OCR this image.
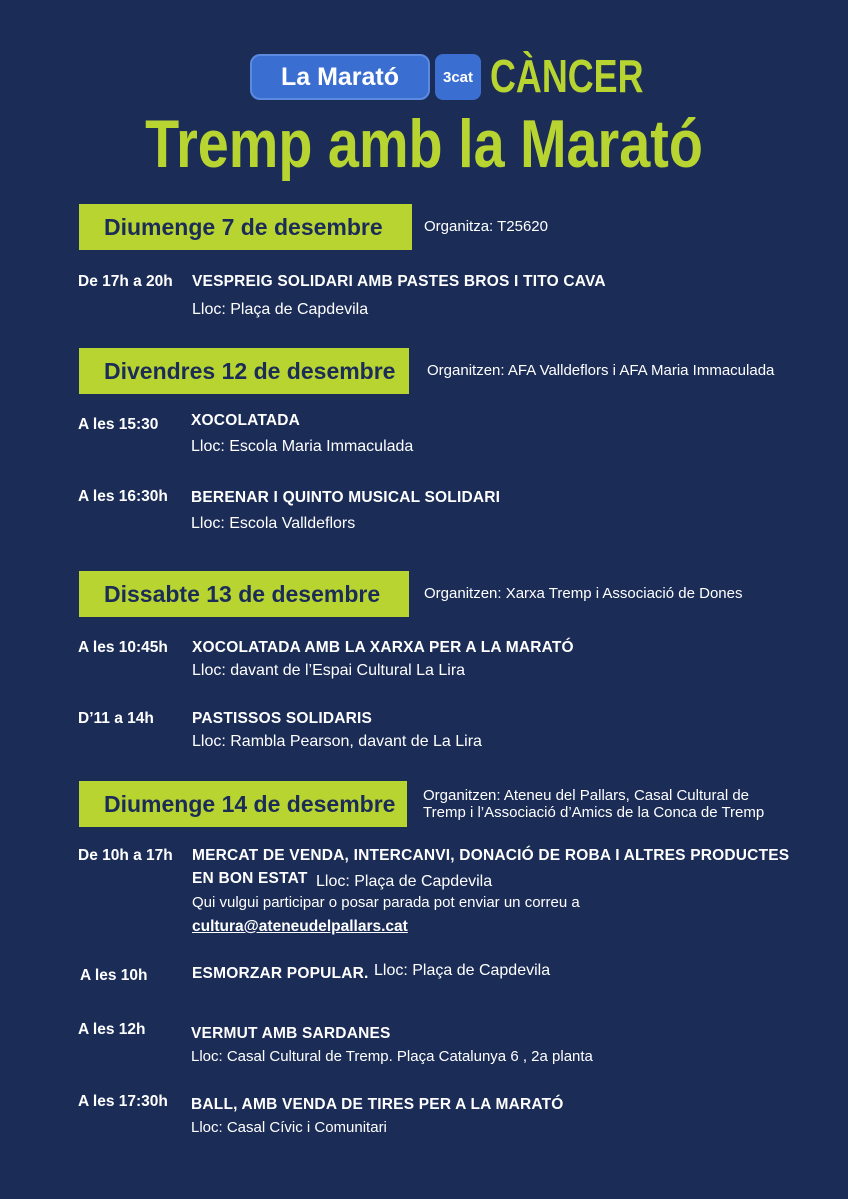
La Marató	3cat CÀNCER
Tremp amb la Marató
Diumenge 7 de desembre	Organitza: T25620
De 17h a 20h VESPREIG SOLIDARI AMB PASTES BROS I TITO CAVA
Lloc: Plaça de Capdevila
Divendres 12 de desembre	Organitzen: AFA Valldeflors i AFA Maria Immaculada
A les 15:30 XOCOLATADA
Lloc: Escola Maria Immaculada
A les 16:30h BERENAR I QUINTO MUSICAL SOLIDARI
Lloc: Escola Valldeflors
Dissabte 13 de desembre	Organitzen: Xarxa Tremp i Associació de Dones
A les 10:45h XOCOLATADA AMB LA XARXA PER A LA MARATÓ
Lloc: davant de l’Espai Cultural La Lira
D’11 a 14h PASTISSOS SOLIDARIS
Lloc: Rambla Pearson, davant de La Lira
Diumenge 14 de desembre	Organitzen: Ateneu del Pallars, Casal Cultural de
Tremp i l’Associació d’Amics de la Conca de Tremp
De 10h a 17h MERCAT DE VENDA, INTERCANVI, DONACIÓ DE ROBA I ALTRES PRODUCTES
EN BON ESTAT Lloc: Plaça de Capdevila
Qui vulgui participar o posar parada pot enviar un correu a
cultura@ateneudelpallars.cat
A les 10h	ESMORZAR POPULAR. Lloc: Plaça de Capdevila
A les 12h	VERMUT AMB SARDANES
Lloc: Casal Cultural de Tremp. Plaça Catalunya 6 , 2a planta
A les 17:30h BALL, AMB VENDA DE TIRES PER A LA MARATÓ
Lloc: Casal Cívic i Comunitari
